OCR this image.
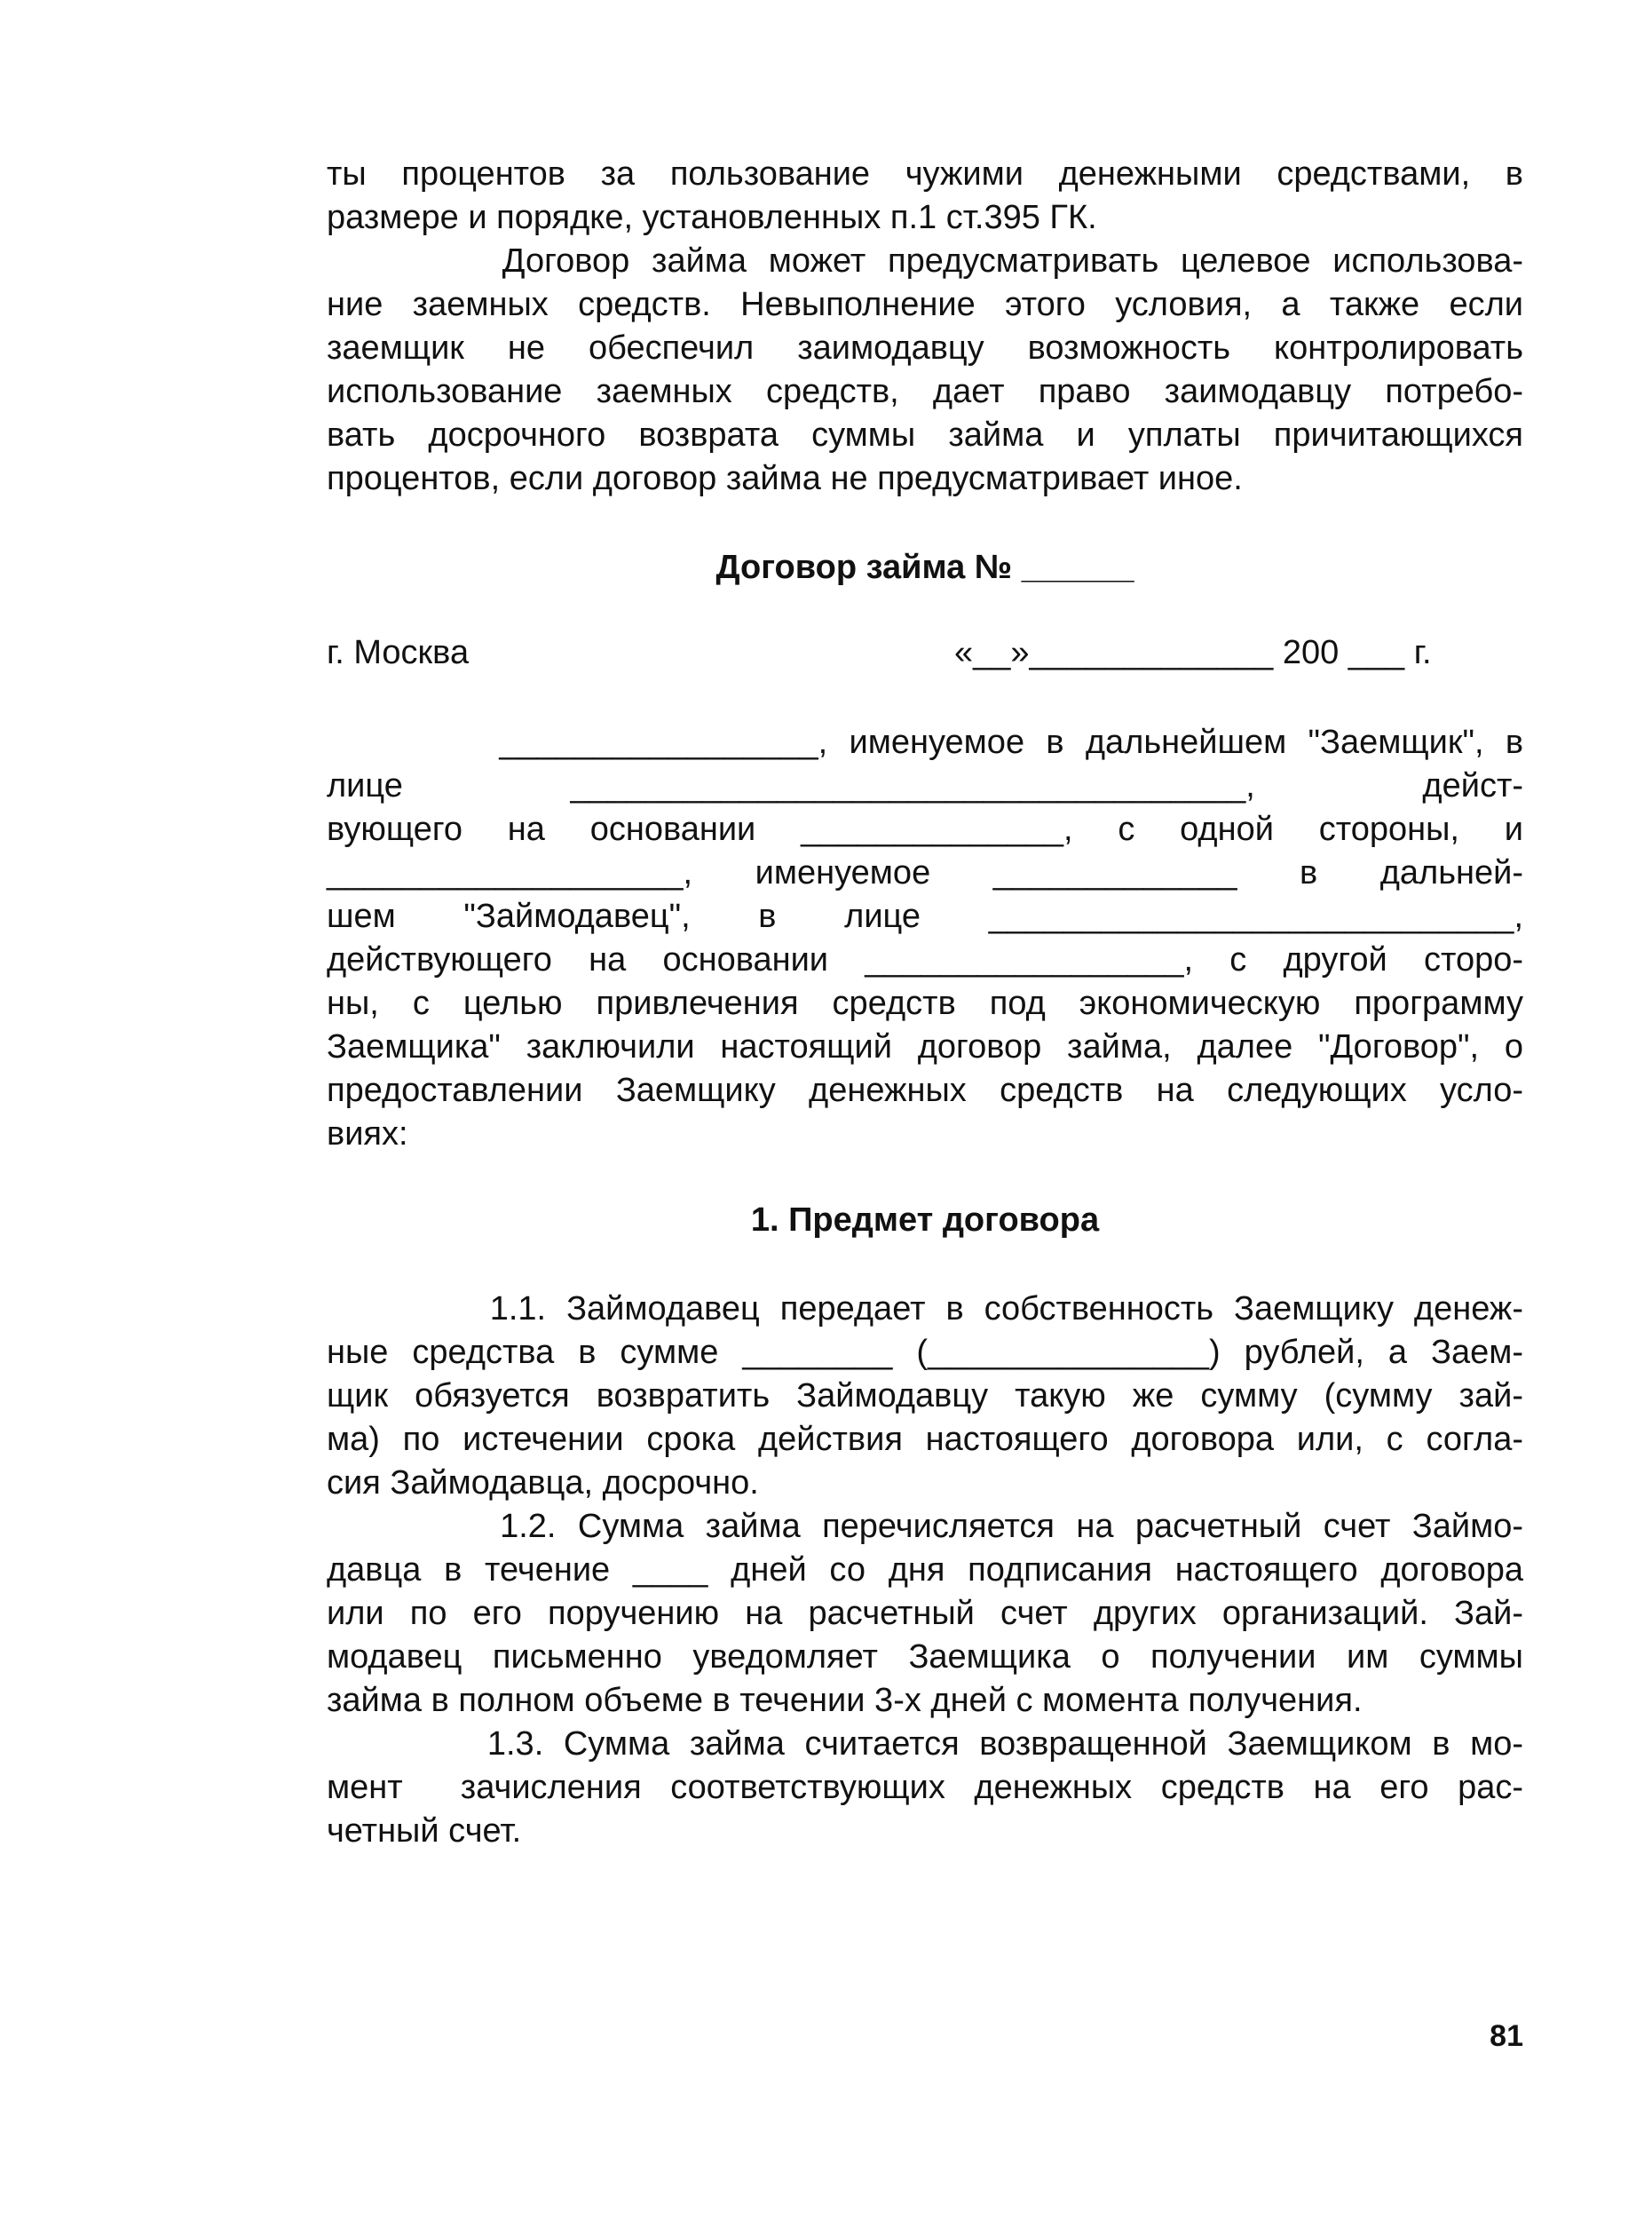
ты процентов за пользование чужими денежными средствами, в
размере и порядке, установленных п.1 ст.395 ГК.
Договор займа может предусматривать целевое использова-
ние заемных средств. Невыполнение этого условия, а также если
заемщик не обеспечил заимодавцу возможность контролировать
использование заемных средств, дает право заимодавцу потребо-
вать досрочного возврата суммы займа и уплаты причитающихся
процентов, если договор займа не предусматривает иное.
Договор займа № ______
г. Москва	«__»_____________ 200 ___ г.
_________________, именуемое в дальнейшем "Заемщик", в
лице ____________________________________, дейст-
вующего на основании ______________, с одной стороны, и
___________________, именуемое _____________ в дальней-
шем "Займодавец", в лице ____________________________,
действующего на основании _________________, с другой сторо-
ны, с целью привлечения средств под экономическую программу
Заемщика" заключили настоящий договор займа, далее "Договор", о
предоставлении Заемщику денежных средств на следующих усло-
виях:
1. Предмет договора
1.1. Займодавец передает в собственность Заемщику денеж-
ные средства в сумме ________ (_______________) рублей, а Заем-
щик обязуется возвратить Займодавцу такую же сумму (сумму зай-
ма) по истечении срока действия настоящего договора или, с согла-
сия Займодавца, досрочно.
1.2. Сумма займа перечисляется на расчетный счет Займо-
давца в течение ____ дней со дня подписания настоящего договора
или по его поручению на расчетный счет других организаций. Зай-
модавец письменно уведомляет Заемщика о получении им суммы
займа в полном объеме в течении 3-х дней с момента получения.
1.3. Сумма займа считается возвращенной Заемщиком в мо-
мент  зачисления соответствующих денежных средств на его рас-
четный счет.
81
